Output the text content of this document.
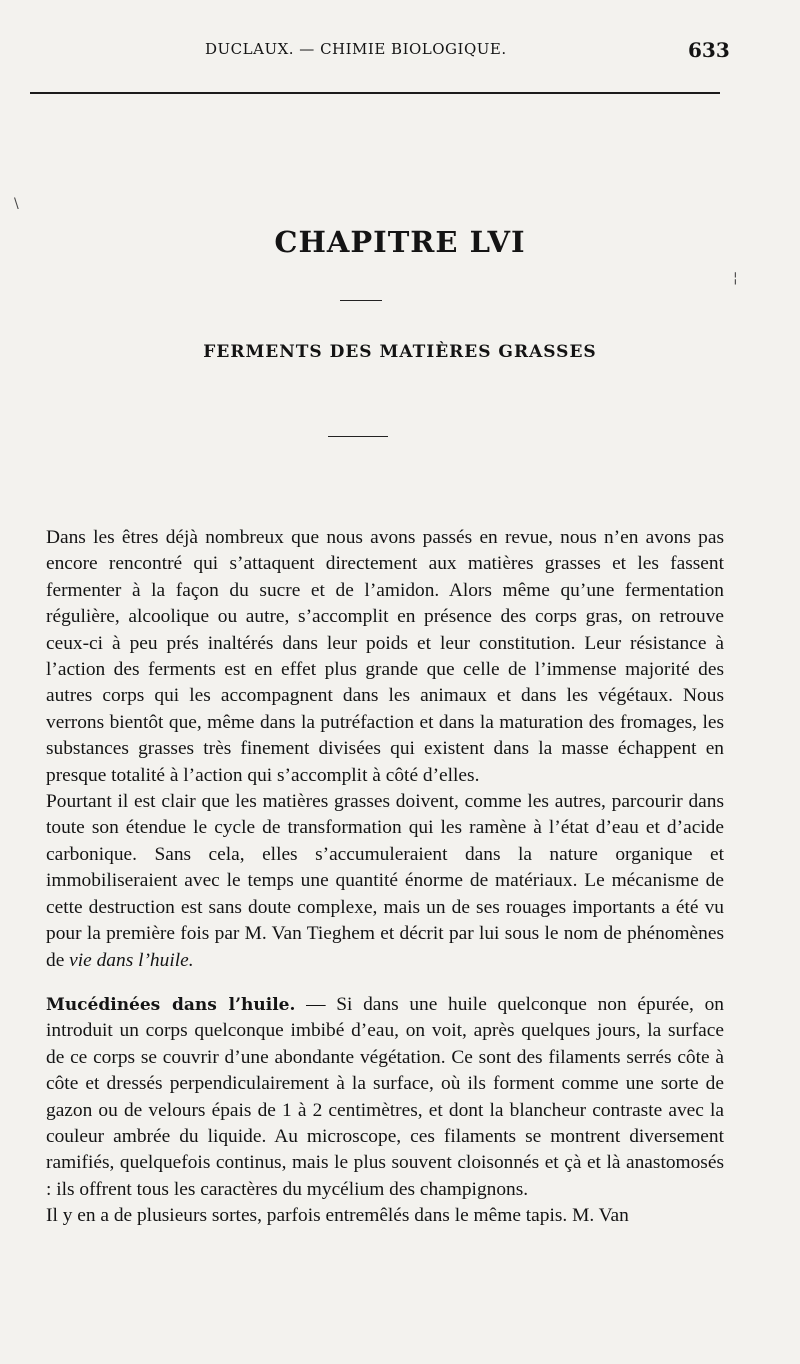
DUCLAUX. — CHIMIE BIOLOGIQUE.	633
\
¦
CHAPITRE LVI
FERMENTS DES MATIÈRES GRASSES

Dans les êtres déjà nombreux que nous avons passés en revue, nous n’en avons pas encore rencontré qui s’attaquent directement aux matières grasses et les fassent fermenter à la façon du sucre et de l’amidon. Alors même qu’une fermentation régulière, alcoolique ou autre, s’accomplit en présence des corps gras, on retrouve ceux-ci à peu prés inaltérés dans leur poids et leur constitution. Leur résistance à l’action des ferments est en effet plus grande que celle de l’immense majorité des autres corps qui les accompagnent dans les animaux et dans les végétaux. Nous verrons bientôt que, même dans la putréfaction et dans la maturation des fromages, les substances grasses très finement divisées qui existent dans la masse échappent en presque totalité à l’action qui s’accomplit à côté d’elles.

Pourtant il est clair que les matières grasses doivent, comme les autres, parcourir dans toute son étendue le cycle de transformation qui les ramène à l’état d’eau et d’acide carbonique. Sans cela, elles s’accumuleraient dans la nature organique et immobiliseraient avec le temps une quantité énorme de matériaux. Le mécanisme de cette destruction est sans doute complexe, mais un de ses rouages importants a été vu pour la première fois par M. Van Tieghem et décrit par lui sous le nom de phénomènes de vie dans l’huile.

Mucédinées dans l’huile. — Si dans une huile quelconque non épurée, on introduit un corps quelconque imbibé d’eau, on voit, après quelques jours, la surface de ce corps se couvrir d’une abondante végétation. Ce sont des filaments serrés côte à côte et dressés perpendiculairement à la surface, où ils forment comme une sorte de gazon ou de velours épais de 1 à 2 centimètres, et dont la blancheur contraste avec la couleur ambrée du liquide. Au microscope, ces filaments se montrent diversement ramifiés, quelquefois continus, mais le plus souvent cloisonnés et çà et là anastomosés : ils offrent tous les caractères du mycélium des champignons.

Il y en a de plusieurs sortes, parfois entremêlés dans le même tapis. M. Van
